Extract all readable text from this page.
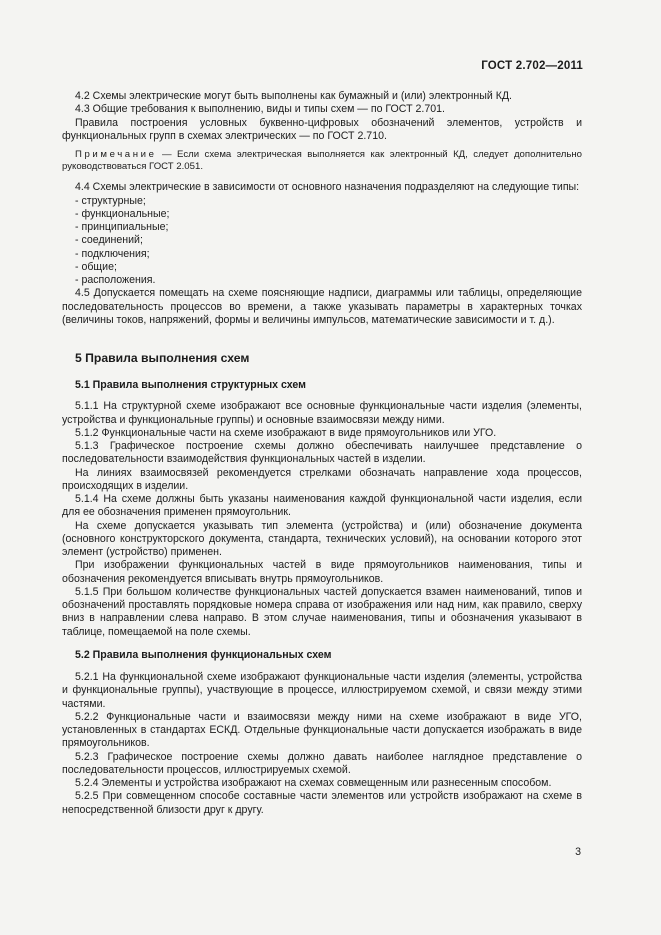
ГОСТ 2.702—2011

4.2 Схемы электрические могут быть выполнены как бумажный и (или) электронный КД.

4.3 Общие требования к выполнению, виды и типы схем — по ГОСТ 2.701.

Правила построения условных буквенно-цифровых обозначений элементов, устройств и функциональных групп в схемах электрических — по ГОСТ 2.710.

Примечание — Если схема электрическая выполняется как электронный КД, следует дополнительно руководствоваться ГОСТ 2.051.

4.4 Схемы электрические в зависимости от основного назначения подразделяют на следующие типы:

- структурные;

- функциональные;

- принципиальные;

- соединений;

- подключения;

- общие;

- расположения.

4.5 Допускается помещать на схеме поясняющие надписи, диаграммы или таблицы, определяющие последовательность процессов во времени, а также указывать параметры в характерных точках (величины токов, напряжений, формы и величины импульсов, математические зависимости и т. д.).

5 Правила выполнения схем

5.1 Правила выполнения структурных схем

5.1.1 На структурной схеме изображают все основные функциональные части изделия (элементы, устройства и функциональные группы) и основные взаимосвязи между ними.

5.1.2 Функциональные части на схеме изображают в виде прямоугольников или УГО.

5.1.3 Графическое построение схемы должно обеспечивать наилучшее представление о последовательности взаимодействия функциональных частей в изделии.

На линиях взаимосвязей рекомендуется стрелками обозначать направление хода процессов, происходящих в изделии.

5.1.4 На схеме должны быть указаны наименования каждой функциональной части изделия, если для ее обозначения применен прямоугольник.

На схеме допускается указывать тип элемента (устройства) и (или) обозначение документа (основного конструкторского документа, стандарта, технических условий), на основании которого этот элемент (устройство) применен.

При изображении функциональных частей в виде прямоугольников наименования, типы и обозначения рекомендуется вписывать внутрь прямоугольников.

5.1.5 При большом количестве функциональных частей допускается взамен наименований, типов и обозначений проставлять порядковые номера справа от изображения или над ним, как правило, сверху вниз в направлении слева направо. В этом случае наименования, типы и обозначения указывают в таблице, помещаемой на поле схемы.

5.2 Правила выполнения функциональных схем

5.2.1 На функциональной схеме изображают функциональные части изделия (элементы, устройства и функциональные группы), участвующие в процессе, иллюстрируемом схемой, и связи между этими частями.

5.2.2 Функциональные части и взаимосвязи между ними на схеме изображают в виде УГО, установленных в стандартах ЕСКД. Отдельные функциональные части допускается изображать в виде прямоугольников.

5.2.3 Графическое построение схемы должно давать наиболее наглядное представление о последовательности процессов, иллюстрируемых схемой.

5.2.4 Элементы и устройства изображают на схемах совмещенным или разнесенным способом.

5.2.5 При совмещенном способе составные части элементов или устройств изображают на схеме в непосредственной близости друг к другу.

3
